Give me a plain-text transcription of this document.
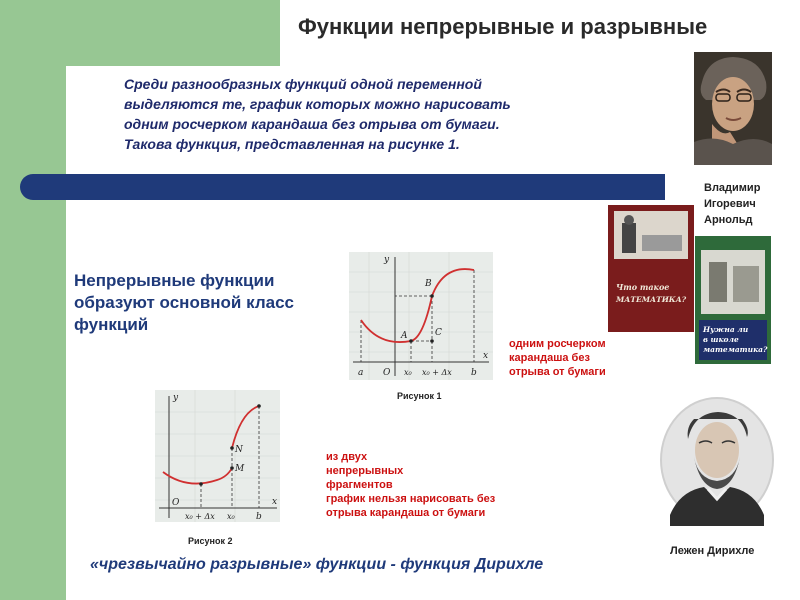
Функции непрерывные и разрывные
Среди разнообразных функций одной переменной
выделяются те, график которых можно нарисовать
одним росчерком карандаша без отрыва от бумаги.
Такова функция, представленная на рисунке 1.
Владимир
Игоревич
Арнольд
Что такое
МАТЕМАТИКА?
Нужна ли
в школе
математика?
Непрерывные функции
образуют основной класс
функций
y
x
A
B
C
a O x₀ x₀ + Δx b
Рисунок 1
y
x
N
M
O
x₀ + Δx x₀ b
Рисунок 2
одним росчерком
карандаша без
отрыва от бумаги
из двух
непрерывных
фрагментов
график нельзя нарисовать без
отрыва карандаша от бумаги
Лежен Дирихле
«чрезвычайно разрывные» функции - функция Дирихле
